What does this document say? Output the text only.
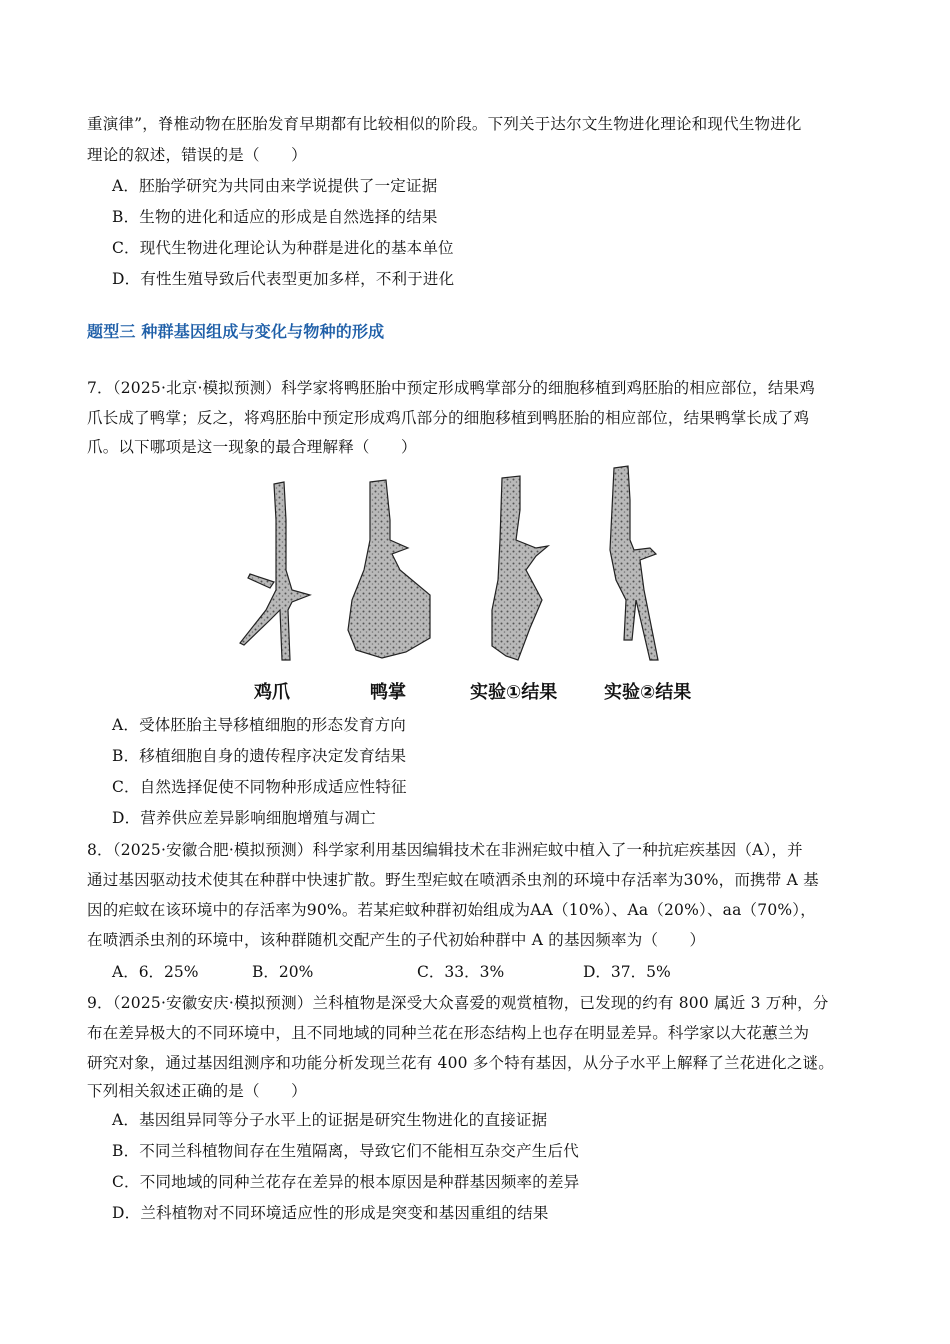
重演律”，脊椎动物在胚胎发育早期都有比较相似的阶段。下列关于达尔文生物进化理论和现代生物进化
理论的叙述，错误的是（　　）
A．胚胎学研究为共同由来学说提供了一定证据
B．生物的进化和适应的形成是自然选择的结果
C．现代生物进化理论认为种群是进化的基本单位
D．有性生殖导致后代表型更加多样，不利于进化
题型三 种群基因组成与变化与物种的形成
7．（2025·北京·模拟预测）科学家将鸭胚胎中预定形成鸭掌部分的细胞移植到鸡胚胎的相应部位，结果鸡
爪长成了鸭掌；反之，将鸡胚胎中预定形成鸡爪部分的细胞移植到鸭胚胎的相应部位，结果鸭掌长成了鸡
爪。以下哪项是这一现象的最合理解释（　　）
鸡爪	鸭掌	实验①结果	实验②结果
A．受体胚胎主导移植细胞的形态发育方向
B．移植细胞自身的遗传程序决定发育结果
C．自然选择促使不同物种形成适应性特征
D．营养供应差异影响细胞增殖与凋亡
8．（2025·安徽合肥·模拟预测）科学家利用基因编辑技术在非洲疟蚊中植入了一种抗疟疾基因（A），并
通过基因驱动技术使其在种群中快速扩散。野生型疟蚊在喷洒杀虫剂的环境中存活率为30%，而携带 A 基
因的疟蚊在该环境中的存活率为90%。若某疟蚊种群初始组成为AA（10%）、Aa（20%）、aa（70%），
在喷洒杀虫剂的环境中，该种群随机交配产生的子代初始种群中 A 的基因频率为（　　）
A．6．25%	B．20%	C．33．3%	D．37．5%
9．（2025·安徽安庆·模拟预测）兰科植物是深受大众喜爱的观赏植物，已发现的约有 800 属近 3 万种，分
布在差异极大的不同环境中，且不同地域的同种兰花在形态结构上也存在明显差异。科学家以大花蕙兰为
研究对象，通过基因组测序和功能分析发现兰花有 400 多个特有基因，从分子水平上解释了兰花进化之谜。
下列相关叙述正确的是（　　）
A．基因组异同等分子水平上的证据是研究生物进化的直接证据
B．不同兰科植物间存在生殖隔离，导致它们不能相互杂交产生后代
C．不同地域的同种兰花存在差异的根本原因是种群基因频率的差异
D．兰科植物对不同环境适应性的形成是突变和基因重组的结果
